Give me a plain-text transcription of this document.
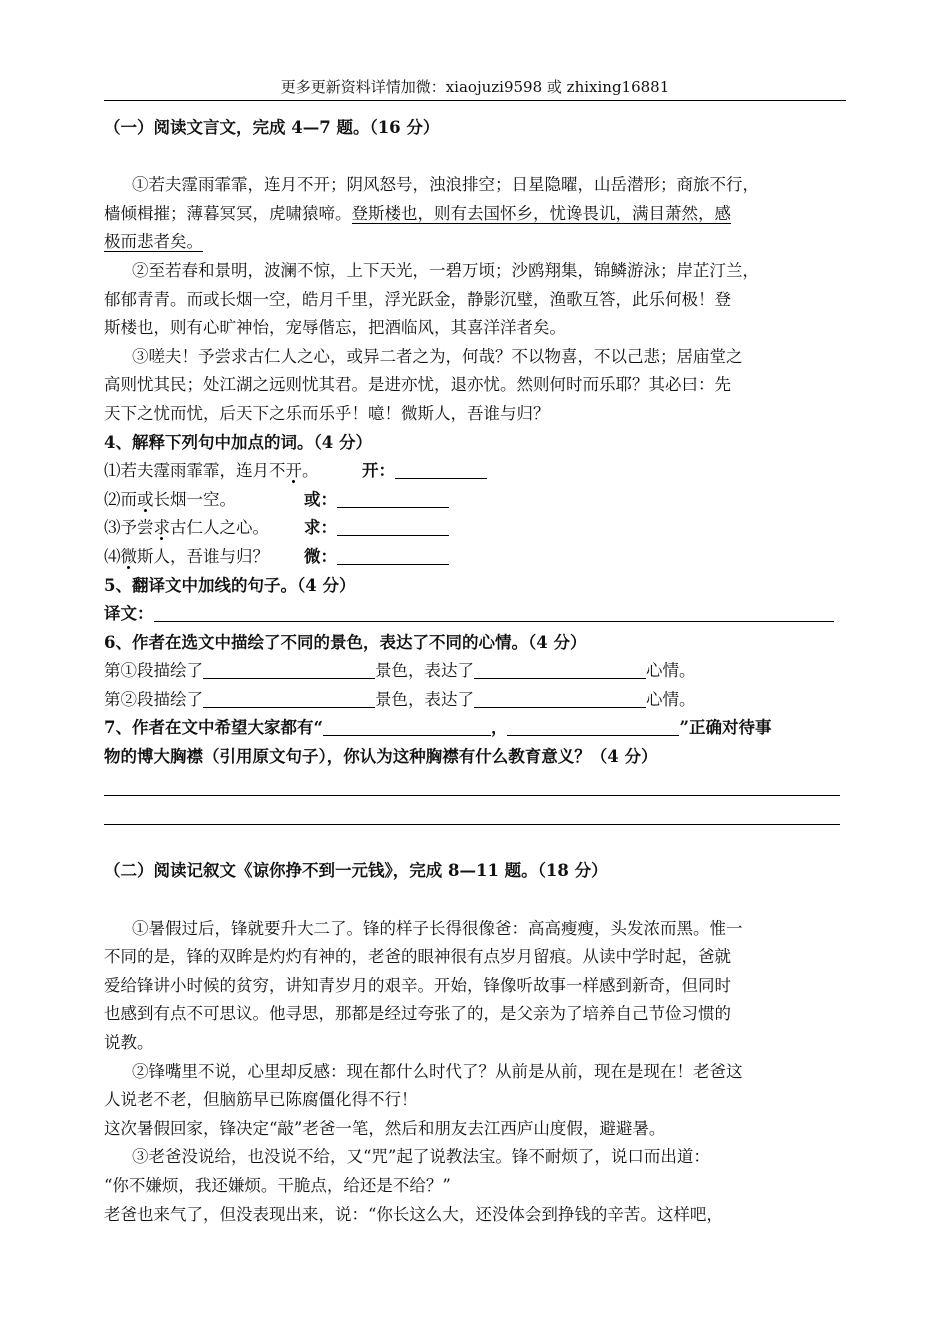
更多更新资料详情加微：xiaojuzi9598 或 zhixing16881
（一）阅读文言文，完成 4—7 题。（16 分）
①若夫霪雨霏霏，连月不开；阴风怒号，浊浪排空；日星隐曜，山岳潜形；商旅不行，
樯倾楫摧；薄暮冥冥，虎啸猿啼。登斯楼也，则有去国怀乡，忧谗畏讥，满目萧然，感
极而悲者矣。
②至若春和景明，波澜不惊，上下天光，一碧万顷；沙鸥翔集，锦鳞游泳；岸芷汀兰，
郁郁青青。而或长烟一空，皓月千里，浮光跃金，静影沉璧，渔歌互答，此乐何极！登
斯楼也，则有心旷神怡，宠辱偕忘，把酒临风，其喜洋洋者矣。
③嗟夫！予尝求古仁人之心，或异二者之为，何哉？不以物喜，不以己悲；居庙堂之
高则忧其民；处江湖之远则忧其君。是进亦忧，退亦忧。然则何时而乐耶？其必曰：先
天下之忧而忧，后天下之乐而乐乎！噫！微斯人，吾谁与归？
4、解释下列句中加点的词。（4 分）
⑴若夫霪雨霏霏，连月不开。	开：
⑵而或长烟一空。	或：
⑶予尝求古仁人之心。 求：
⑷微斯人，吾谁与归？ 微：
5、翻译文中加线的句子。（4 分）
译文：
6、作者在选文中描绘了不同的景色，表达了不同的心情。（4 分）
第①段描绘了	景色，表达了	心情。
第②段描绘了	景色，表达了	心情。
7、作者在文中希望大家都有“	，	”正确对待事
物的博大胸襟（引用原文句子），你认为这种胸襟有什么教育意义？（4 分）
（二）阅读记叙文《谅你挣不到一元钱》，完成 8—11 题。（18 分）
①暑假过后，锋就要升大二了。锋的样子长得很像爸：高高瘦瘦，头发浓而黑。惟一
不同的是，锋的双眸是灼灼有神的，老爸的眼神很有点岁月留痕。从读中学时起，爸就
爱给锋讲小时候的贫穷，讲知青岁月的艰辛。开始，锋像听故事一样感到新奇，但同时
也感到有点不可思议。他寻思，那都是经过夸张了的，是父亲为了培养自己节俭习惯的
说教。
②锋嘴里不说，心里却反感：现在都什么时代了？从前是从前，现在是现在！老爸这
人说老不老，但脑筋早已陈腐僵化得不行！
这次暑假回家，锋决定“敲”老爸一笔，然后和朋友去江西庐山度假，避避暑。
③老爸没说给，也没说不给，又“咒”起了说教法宝。锋不耐烦了，说口而出道：
“你不嫌烦，我还嫌烦。干脆点，给还是不给？”
老爸也来气了，但没表现出来，说：“你长这么大，还没体会到挣钱的辛苦。这样吧，
